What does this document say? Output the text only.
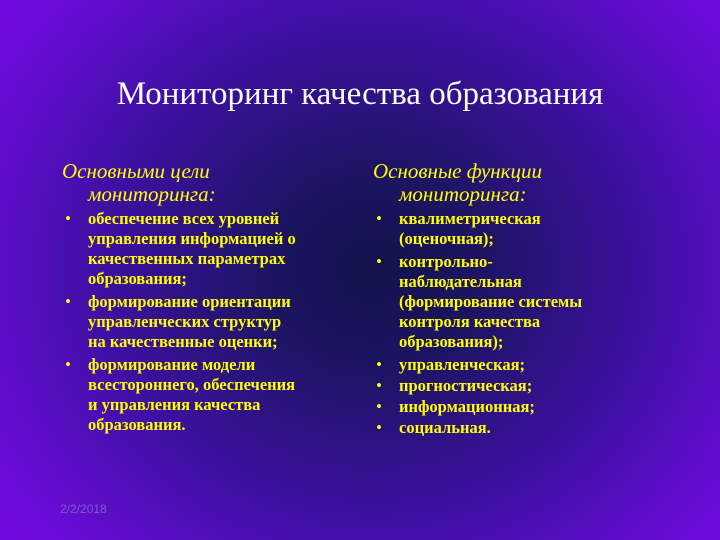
Мониторинг качества образования
Основными цели
мониторинга:
Основные функции
мониторинга:
• обеспечение всех уровней
управления информацией о
качественных параметрах
образования;
• формирование ориентации
управленческих структур
на качественные оценки;
• формирование модели
всестороннего, обеспечения
и управления качества
образования.
• квалиметрическая
(оценочная);
• контрольно-
наблюдательная
(формирование системы
контроля качества
образования);
• управленческая;
• прогностическая;
• информационная;
• социальная.
2/2/2018
